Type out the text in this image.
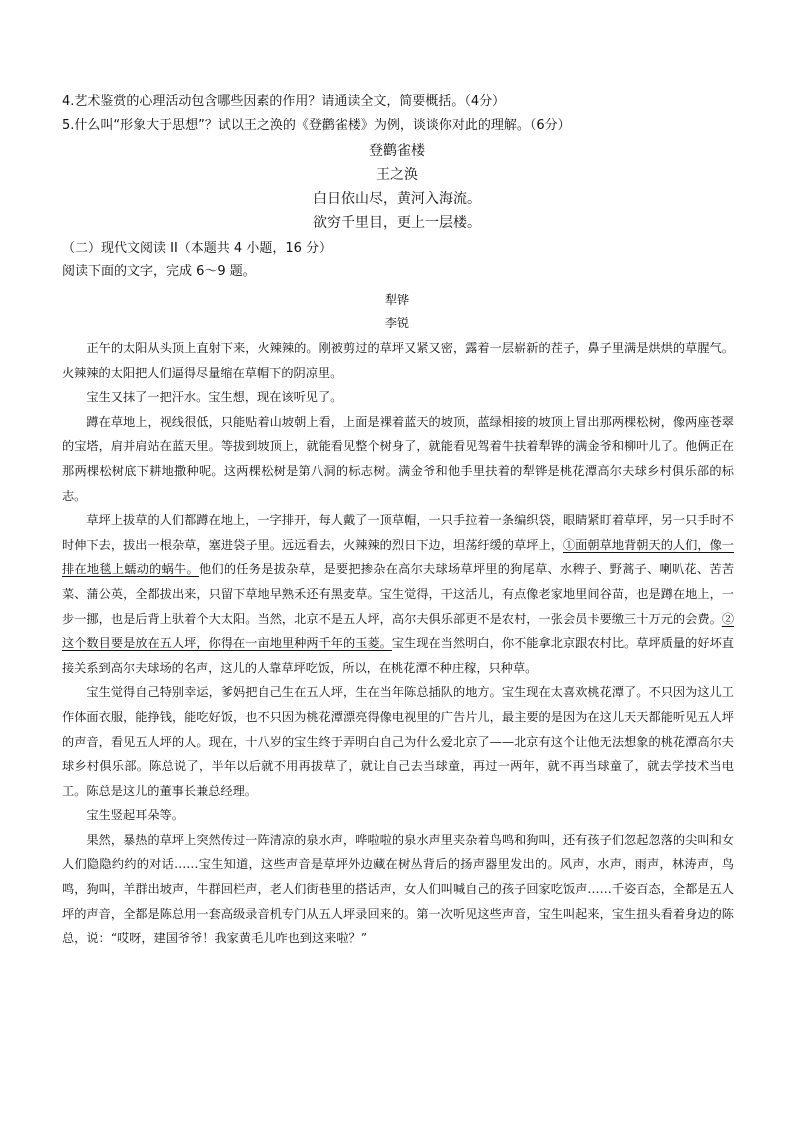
4.艺术鉴赏的心理活动包含哪些因素的作用？请通读全文，简要概括。（4分）
5.什么叫“形象大于思想”？试以王之涣的《登鹳雀楼》为例，谈谈你对此的理解。（6分）
登鹳雀楼
王之涣
白日依山尽，黄河入海流。
欲穷千里目，更上一层楼。
（二）现代文阅读 II（本题共 4 小题，16 分）
阅读下面的文字，完成 6～9 题。
犁铧
李锐

正午的太阳从头顶上直射下来，火辣辣的。刚被剪过的草坪又紧又密，露着一层崭新的茬子，鼻子里满是烘烘的草腥气。火辣辣的太阳把人们逼得尽量缩在草帽下的阴凉里。

宝生又抹了一把汗水。宝生想，现在该听见了。

蹲在草地上，视线很低，只能贴着山坡朝上看，上面是裸着蓝天的坡顶，蓝绿相接的坡顶上冒出那两棵松树，像两座苍翠的宝塔，肩并肩站在蓝天里。等拔到坡顶上，就能看见整个树身了，就能看见驾着牛扶着犁铧的满金爷和柳叶儿了。他俩正在那两棵松树底下耕地撒种呢。这两棵松树是第八洞的标志树。满金爷和他手里扶着的犁铧是桃花潭高尔夫球乡村俱乐部的标志。

草坪上拔草的人们都蹲在地上，一字排开，每人戴了一顶草帽，一只手拉着一条编织袋，眼睛紧盯着草坪，另一只手时不时伸下去，拔出一根杂草，塞进袋子里。远远看去，火辣辣的烈日下边，坦荡纡缓的草坪上，①面朝草地背朝天的人们，像一排在地毯上蠕动的蜗牛。他们的任务是拔杂草，是要把掺杂在高尔夫球场草坪里的狗尾草、水稗子、野蒿子、喇叭花、苦苦菜、蒲公英，全都拔出来，只留下草地早熟禾还有黑麦草。宝生觉得，干这活儿，有点像老家地里间谷苗，也是蹲在地上，一步一挪，也是后背上驮着个大太阳。当然，北京不是五人坪，高尔夫俱乐部更不是农村，一张会员卡要缴三十万元的会费。②这个数目要是放在五人坪，你得在一亩地里种两千年的玉菱。宝生现在当然明白，你不能拿北京跟农村比。草坪质量的好坏直接关系到高尔夫球场的名声，这儿的人靠草坪吃饭，所以，在桃花潭不种庄稼，只种草。

宝生觉得自己特别幸运，爹妈把自己生在五人坪，生在当年陈总插队的地方。宝生现在太喜欢桃花潭了。不只因为这儿工作体面衣服，能挣钱，能吃好饭，也不只因为桃花潭漂亮得像电视里的广告片儿，最主要的是因为在这儿天天都能听见五人坪的声音，看见五人坪的人。现在，十八岁的宝生终于弄明白自己为什么爱北京了——北京有这个让他无法想象的桃花潭高尔夫球乡村俱乐部。陈总说了，半年以后就不用再拔草了，就让自己去当球童，再过一两年，就不再当球童了，就去学技术当电工。陈总是这儿的董事长兼总经理。

宝生竖起耳朵等。

果然，暴热的草坪上突然传过一阵清凉的泉水声，哗啦啦的泉水声里夹杂着鸟鸣和狗叫，还有孩子们忽起忽落的尖叫和女人们隐隐约约的对话……宝生知道，这些声音是草坪外边藏在树丛背后的扬声器里发出的。风声，水声，雨声，林涛声，鸟鸣，狗叫，羊群出坡声，牛群回栏声，老人们街巷里的搭话声，女人们叫喊自己的孩子回家吃饭声……千姿百态，全都是五人坪的声音，全都是陈总用一套高级录音机专门从五人坪录回来的。第一次听见这些声音，宝生叫起来，宝生扭头看着身边的陈总，说：“哎呀，建国爷爷！我家黄毛儿咋也到这来啦？”
